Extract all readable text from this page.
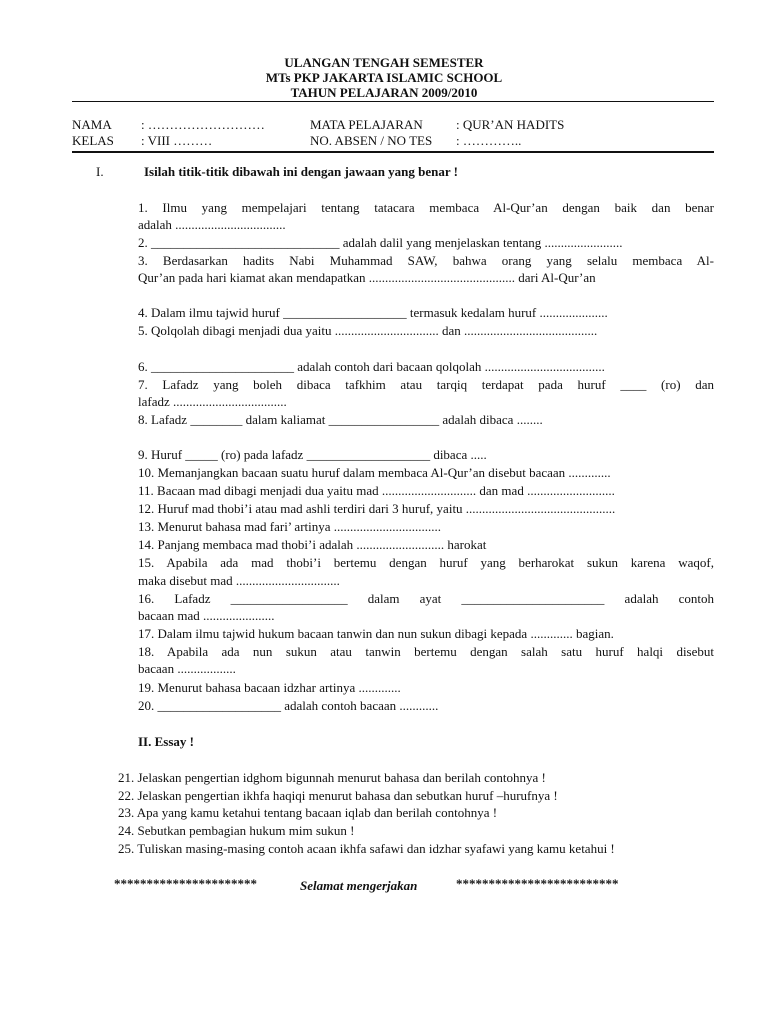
ULANGAN TENGAH SEMESTER
MTs PKP JAKARTA ISLAMIC SCHOOL
TAHUN PELAJARAN 2009/2010
NAMA : ………………………	MATA PELAJARAN	: QUR’AN HADITS
KELAS : VIII ………	NO. ABSEN / NO TES : …………..
I.	Isilah titik-titik dibawah ini dengan jawaan yang benar !
1. Ilmu yang mempelajari tentang tatacara membaca Al-Qur’an dengan baik dan benar
adalah ..................................
2. _____________________________ adalah dalil yang menjelaskan tentang ........................
3. Berdasarkan hadits Nabi Muhammad SAW, bahwa orang yang selalu membaca Al-
Qur’an pada hari kiamat akan mendapatkan ............................................. dari Al-Qur’an
4. Dalam ilmu tajwid huruf ___________________ termasuk kedalam huruf .....................
5. Qolqolah dibagi menjadi dua yaitu ................................ dan .........................................
6. ______________________ adalah contoh dari bacaan qolqolah .....................................
7. Lafadz yang boleh dibaca tafkhim atau tarqiq terdapat pada huruf ____ (ro) dan
lafadz ...................................
8. Lafadz ________ dalam kaliamat _________________ adalah dibaca ........
9. Huruf _____ (ro) pada lafadz ___________________ dibaca .....
10. Memanjangkan bacaan suatu huruf dalam membaca Al-Qur’an disebut bacaan .............
11. Bacaan mad dibagi menjadi dua yaitu mad ............................. dan mad ...........................
12. Huruf mad thobi’i atau mad ashli terdiri dari 3 huruf, yaitu ..............................................
13. Menurut bahasa mad fari’ artinya .................................
14. Panjang membaca mad thobi’i adalah ........................... harokat
15. Apabila ada mad thobi’i bertemu dengan huruf yang berharokat sukun karena waqof,
maka disebut mad ................................
16. Lafadz __________________ dalam ayat ______________________ adalah contoh
bacaan mad ......................
17. Dalam ilmu tajwid hukum bacaan tanwin dan nun sukun dibagi kepada ............. bagian.
18. Apabila ada nun sukun atau tanwin bertemu dengan salah satu huruf halqi disebut
bacaan ..................
19. Menurut bahasa bacaan idzhar artinya .............
20. ___________________ adalah contoh bacaan ............
II. Essay !
21. Jelaskan pengertian idghom bigunnah menurut bahasa dan berilah contohnya !
22. Jelaskan pengertian ikhfa haqiqi menurut bahasa dan sebutkan huruf –hurufnya !
23. Apa yang kamu ketahui tentang bacaan iqlab dan berilah contohnya !
24. Sebutkan pembagian hukum mim sukun !
25. Tuliskan masing-masing contoh acaan ikhfa safawi dan idzhar syafawi yang kamu ketahui !
**********************	Selamat mengerjakan	*************************
